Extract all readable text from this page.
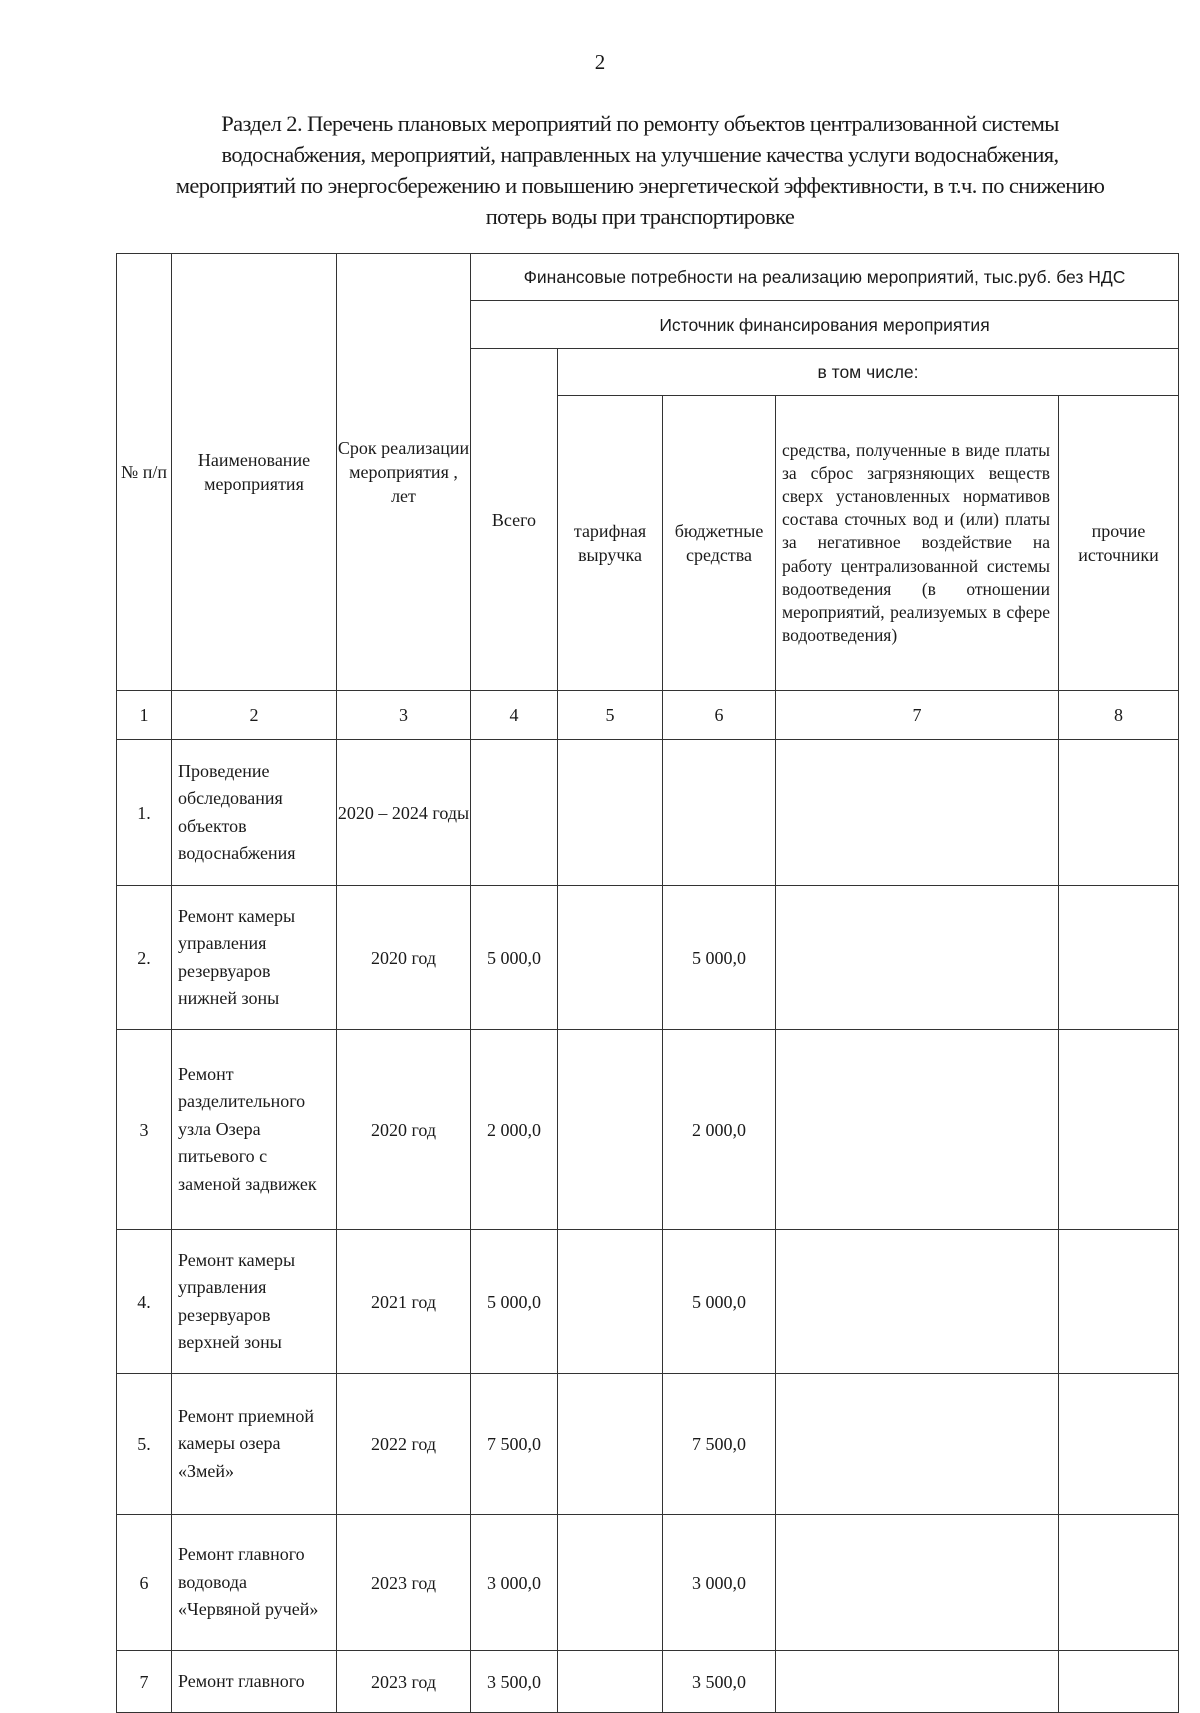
2
Раздел 2. Перечень плановых мероприятий по ремонту объектов централизованной системы
водоснабжения, мероприятий, направленных на улучшение качества услуги водоснабжения,
мероприятий по энергосбережению и повышению энергетической эффективности, в т.ч. по снижению
потерь воды при транспортировке
№ п/п	Наименование мероприятия	Срок реализации мероприятия , лет	Финансовые потребности на реализацию мероприятий, тыс.руб. без НДС				
			Источник финансирования мероприятия				
			Всего	в том числе:			
				тарифная выручка	бюджетные средства	средства, полученные в виде платы за сброс загрязняющих веществ сверх установленных нормативов состава сточных вод и (или) платы за негативное воздействие на работу централизованной системы водоотведения (в отношении мероприятий, реализуемых в сфере водоотведения)	прочие источники
1	2	3	4	5	6	7	8
1.	Проведение обследования объектов водоснабжения	2020 – 2024 годы					
2.	Ремонт камеры управления резервуаров нижней зоны	2020 год	5 000,0		5 000,0		
3	Ремонт разделительного узла Озера питьевого с заменой задвижек	2020 год	2 000,0		2 000,0		
4.	Ремонт камеры управления резервуаров верхней зоны	2021 год	5 000,0		5 000,0		
5.	Ремонт приемной камеры озера «Змей»	2022 год	7 500,0		7 500,0		
6	Ремонт главного водовода «Червяной ручей»	2023 год	3 000,0		3 000,0		
7	Ремонт главного	2023 год	3 500,0		3 500,0		
